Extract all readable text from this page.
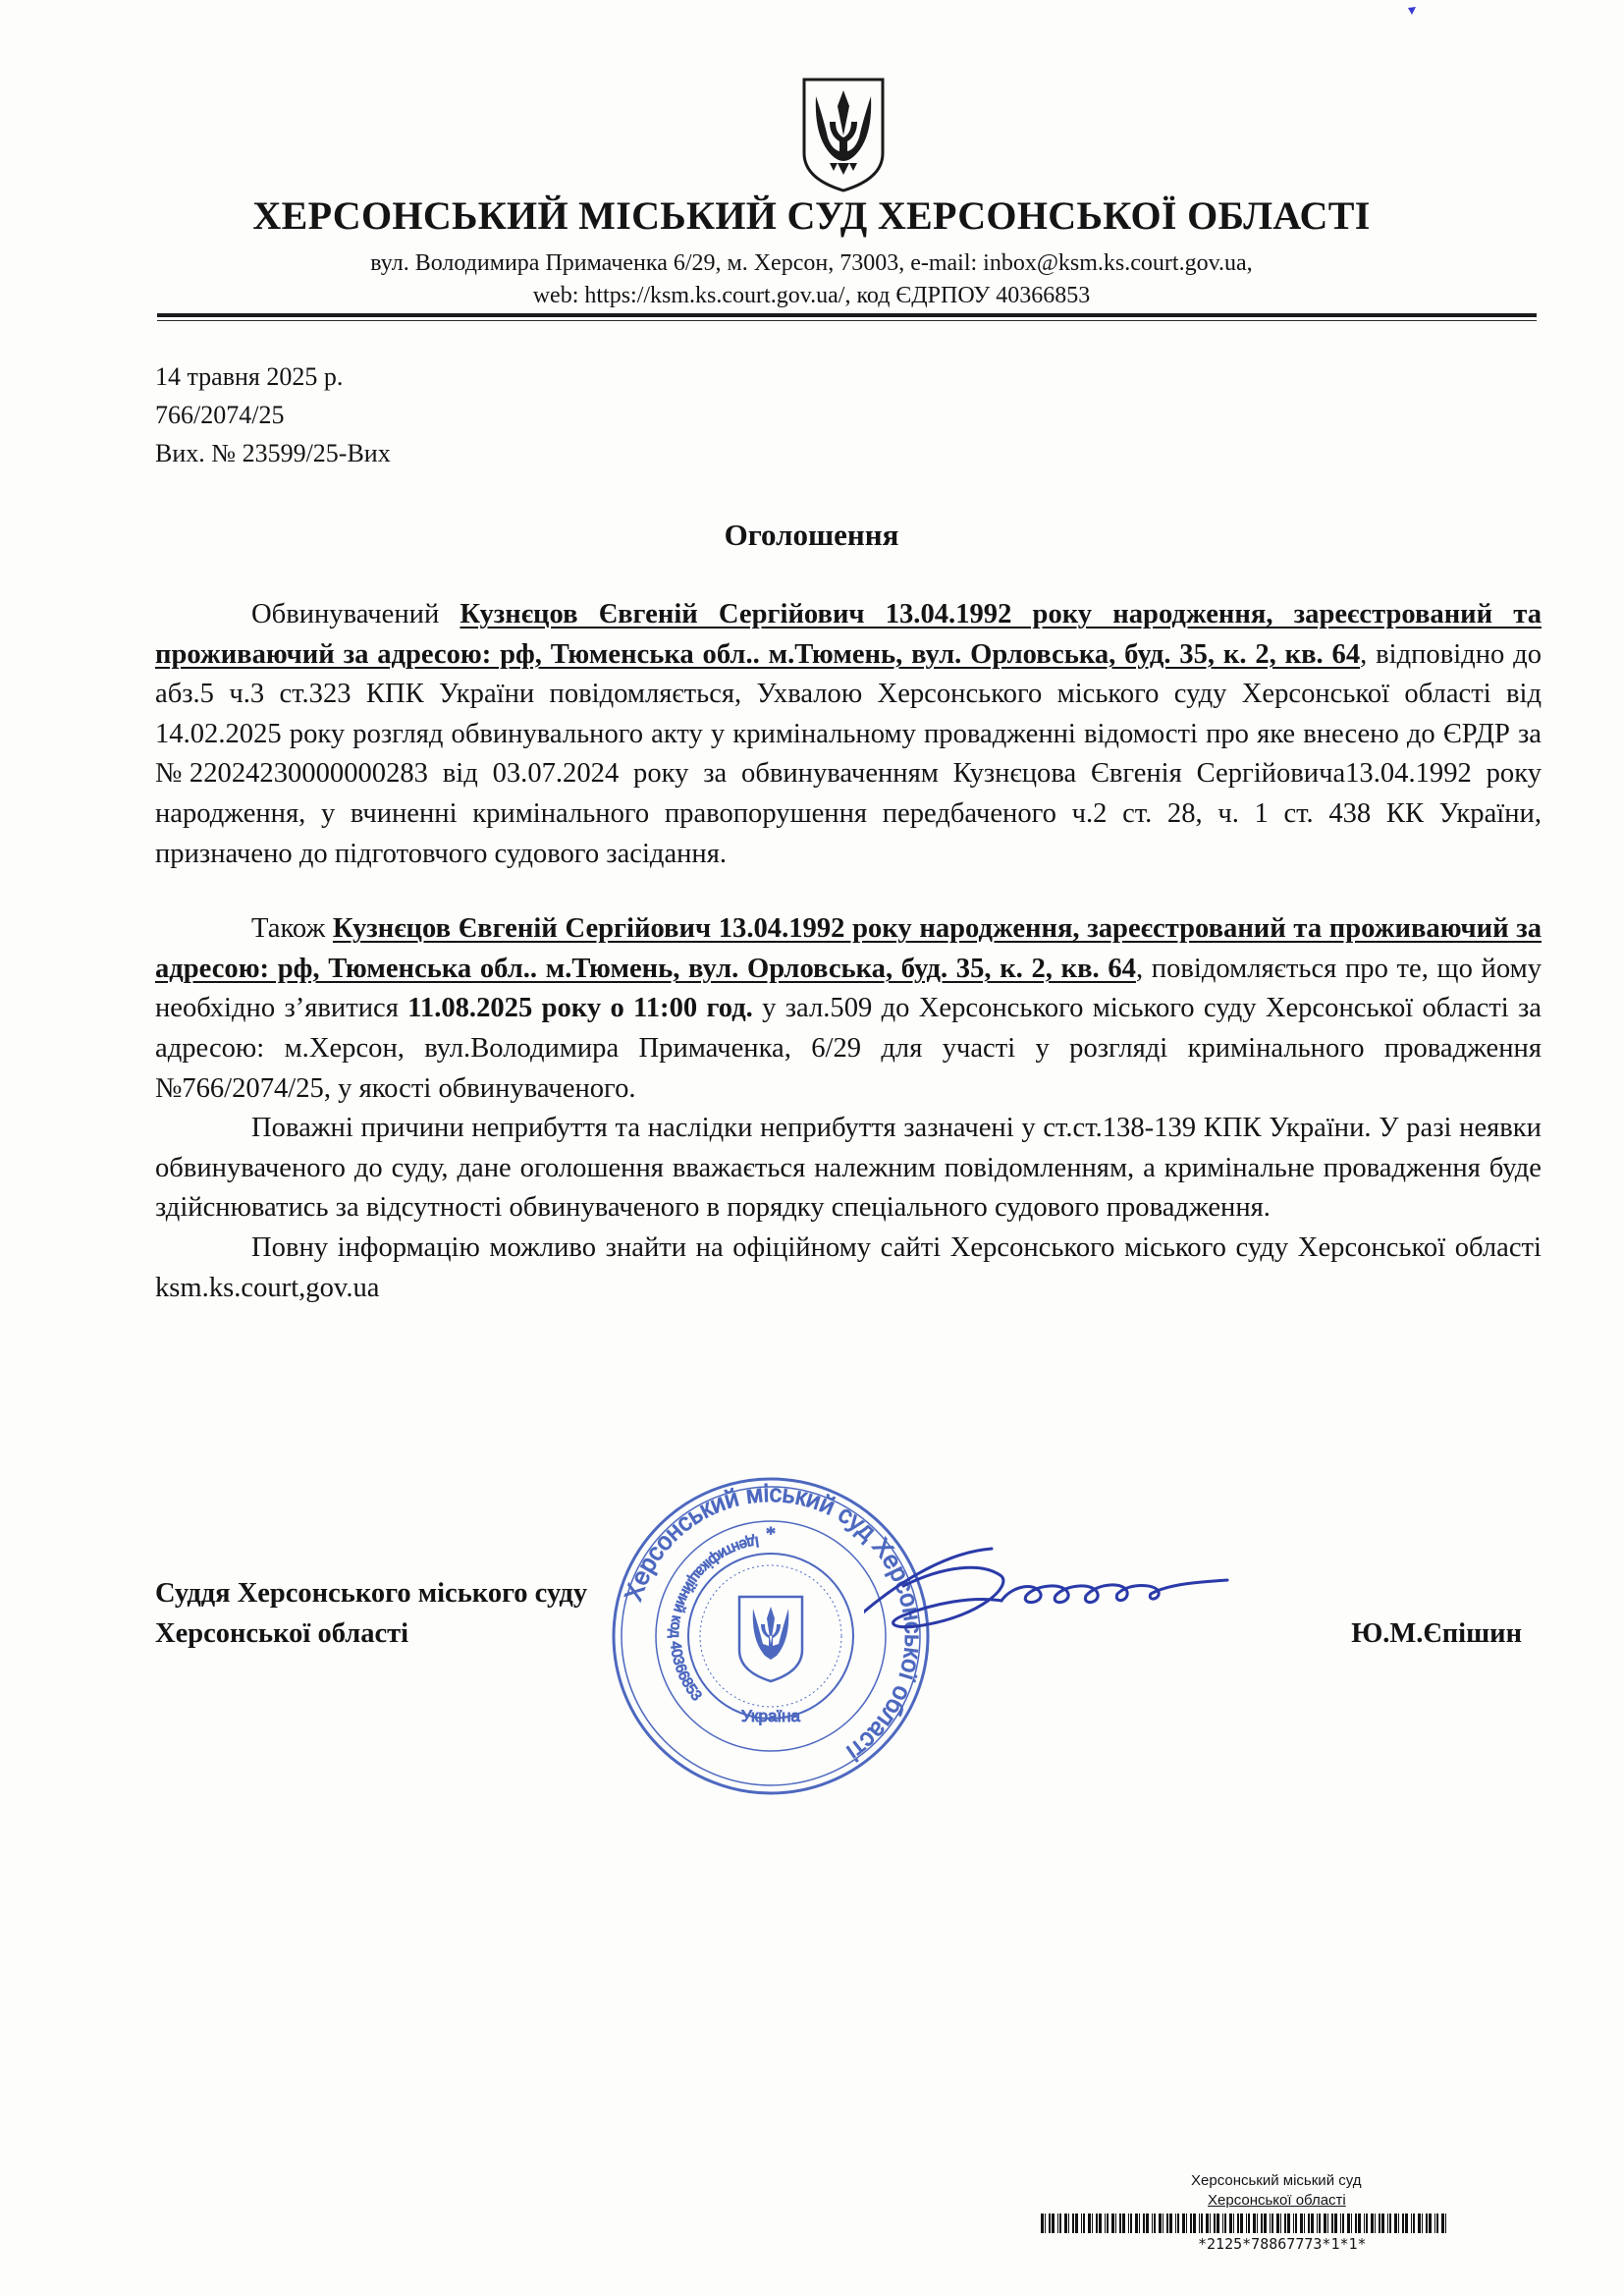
ХЕРСОНСЬКИЙ МІСЬКИЙ СУД ХЕРСОНСЬКОЇ ОБЛАСТІ
вул. Володимира Примаченка 6/29, м. Херсон, 73003, e-mail: inbox@ksm.ks.court.gov.ua,
web: https://ksm.ks.court.gov.ua/, код ЄДРПОУ 40366853
14 травня 2025 р.
766/2074/25
Вих. № 23599/25-Вих
Оголошення

Обвинувачений Кузнєцов Євгеній Сергійович 13.04.1992 року народження, зареєстрований та проживаючий за адресою: рф, Тюменська обл.. м.Тюмень, вул. Орловська, буд. 35, к. 2, кв. 64, відповідно до абз.5 ч.3 ст.323 КПК України повідомляється, Ухвалою Херсонського міського суду Херсонської області від 14.02.2025 року розгляд обвинувального акту у кримінальному провадженні відомості про яке внесено до ЄРДР за №22024230000000283 від 03.07.2024 року за обвинуваченням Кузнєцова Євгенія Сергійовича13.04.1992 року народження, у вчиненні кримінального правопорушення передбаченого ч.2 ст. 28, ч. 1 ст. 438 КК України, призначено до підготовчого судового засідання.

Також Кузнєцов Євгеній Сергійович 13.04.1992 року народження, зареєстрований та проживаючий за адресою: рф, Тюменська обл.. м.Тюмень, вул. Орловська, буд. 35, к. 2, кв. 64, повідомляється про те, що йому необхідно з’явитися 11.08.2025 року о 11:00 год. у зал.509 до Херсонського міського суду Херсонської області за адресою: м.Херсон, вул.Володимира Примаченка, 6/29 для участі у розгляді кримінального провадження №766/2074/25, у якості обвинуваченого.

Поважні причини неприбуття та наслідки неприбуття зазначені у ст.ст.138-139 КПК України. У разі неявки обвинуваченого до суду, дане оголошення вважається належним повідомленням, а кримінальне провадження буде здійснюватись за відсутності обвинуваченого в порядку спеціального судового провадження.

Повну інформацію можливо знайти на офіційному сайті Херсонського міського суду Херсонської області ksm.ks.court,gov.ua

Суддя Херсонського міського суду
Херсонської області	Ю.М.Єпішин
Херсонський міський суд Херсонської області
Ідентифікаційний код 40366853
Україна
*
Херсонський міський суд
Херсонської області
*2125*78867773*1*1*
